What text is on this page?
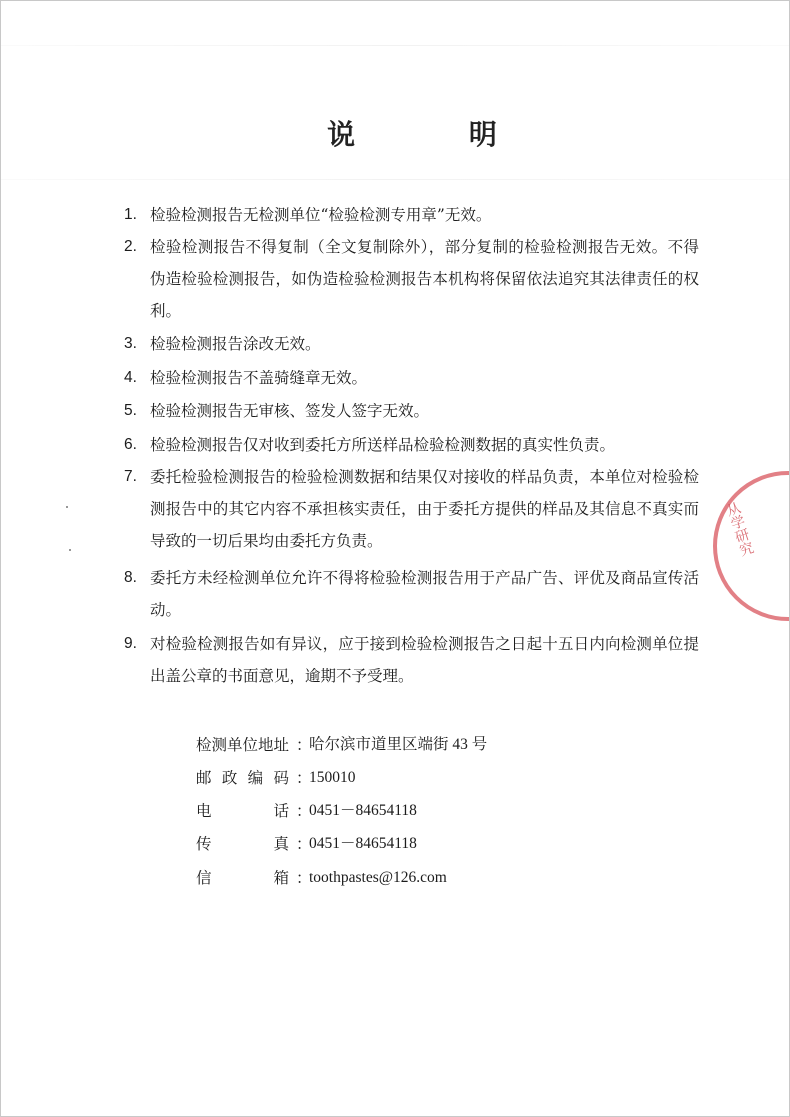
说 明
1. 检验检测报告无检测单位“检验检测专用章”无效。
2. 检验检测报告不得复制（全文复制除外），部分复制的检验检测报告无效。不得伪造检验检测报告，如伪造检验检测报告本机构将保留依法追究其法律责任的权利。
3. 检验检测报告涂改无效。
4. 检验检测报告不盖骑缝章无效。
5. 检验检测报告无审核、签发人签字无效。
6. 检验检测报告仅对收到委托方所送样品检验检测数据的真实性负责。
7. 委托检验检测报告的检验检测数据和结果仅对接收的样品负责，本单位对检验检测报告中的其它内容不承担核实责任，由于委托方提供的样品及其信息不真实而导致的一切后果均由委托方负责。
8. 委托方未经检测单位允许不得将检验检测报告用于产品广告、评优及商品宣传活动。
9. 对检验检测报告如有异议，应于接到检验检测报告之日起十五日内向检测单位提出盖公章的书面意见，逾期不予受理。
检测单位地址 ：
哈尔滨市道里区端街 43 号
邮政编码 ：
150010
电话 ：
0451－84654118
传真 ：
0451－84654118
信箱 ：
toothpastes@126.com
从学研究
